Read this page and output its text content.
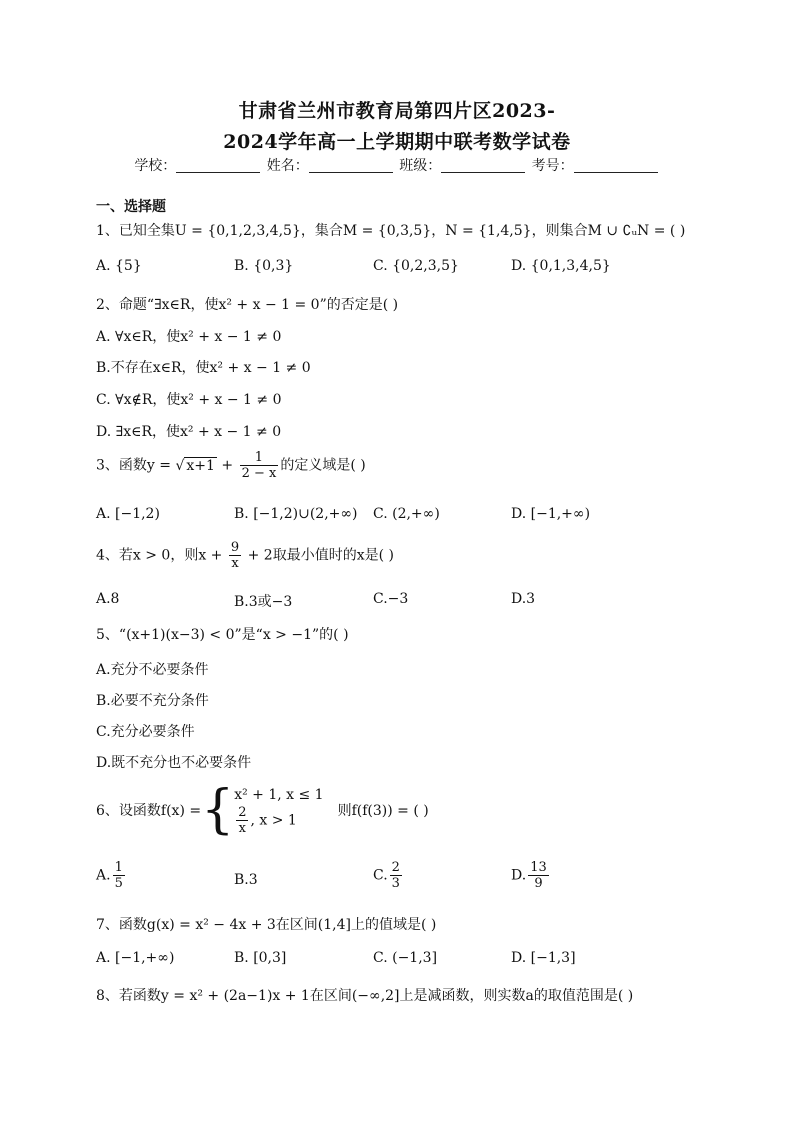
甘肃省兰州市教育局第四片区2023-
2024学年高一上学期期中联考数学试卷
学校：	姓名：	班级：	考号：
一、选择题
1、已知全集U = {0,1,2,3,4,5}，集合M = {0,3,5}，N = {1,4,5}，则集合M ∪ ∁ᵤN = ( )
A. {5}	B. {0,3}	C. {0,2,3,5}	D. {0,1,3,4,5}
2、命题“∃x∈R，使x² + x − 1 = 0”的否定是( )
A. ∀x∈R，使x² + x − 1 ≠ 0
B.不存在x∈R，使x² + x − 1 ≠ 0
C. ∀x∉R，使x² + x − 1 ≠ 0
D. ∃x∈R，使x² + x − 1 ≠ 0
3、函数y = √ $x+1 + \frac{1}{2 - x}$ 的定义域是( )
A. [−1,2)	B. [−1,2)∪(2,+∞) C. (2,+∞)	D. [−1,+∞)
4、若x > 0，则$x + \frac{9}{x} + 2$取最小值时的x是( )
A.8	B.3或−3	C.−3	D.3
5、“(x+1)(x−3) < 0”是“x > −1”的( )
A.充分不必要条件
B.必要不充分条件
C.充分必要条件
D.既不充分也不必要条件
6、设函数f(x) ={ x² + 1, x ≤ 1
$\frac{2}{x}$ , x > 1
则f(f(3)) = ( )
A. $\frac{1}{5}$	B.3	C. $\frac{2}{3}$	D. $\frac{13}{9}$
7、函数g(x) = x² − 4x + 3在区间(1,4]上的值域是( )
A. [−1,+∞)	B. [0,3]	C. (−1,3]	D. [−1,3]
8、若函数y = x² + (2a−1)x + 1在区间(−∞,2]上是减函数，则实数a的取值范围是( )
